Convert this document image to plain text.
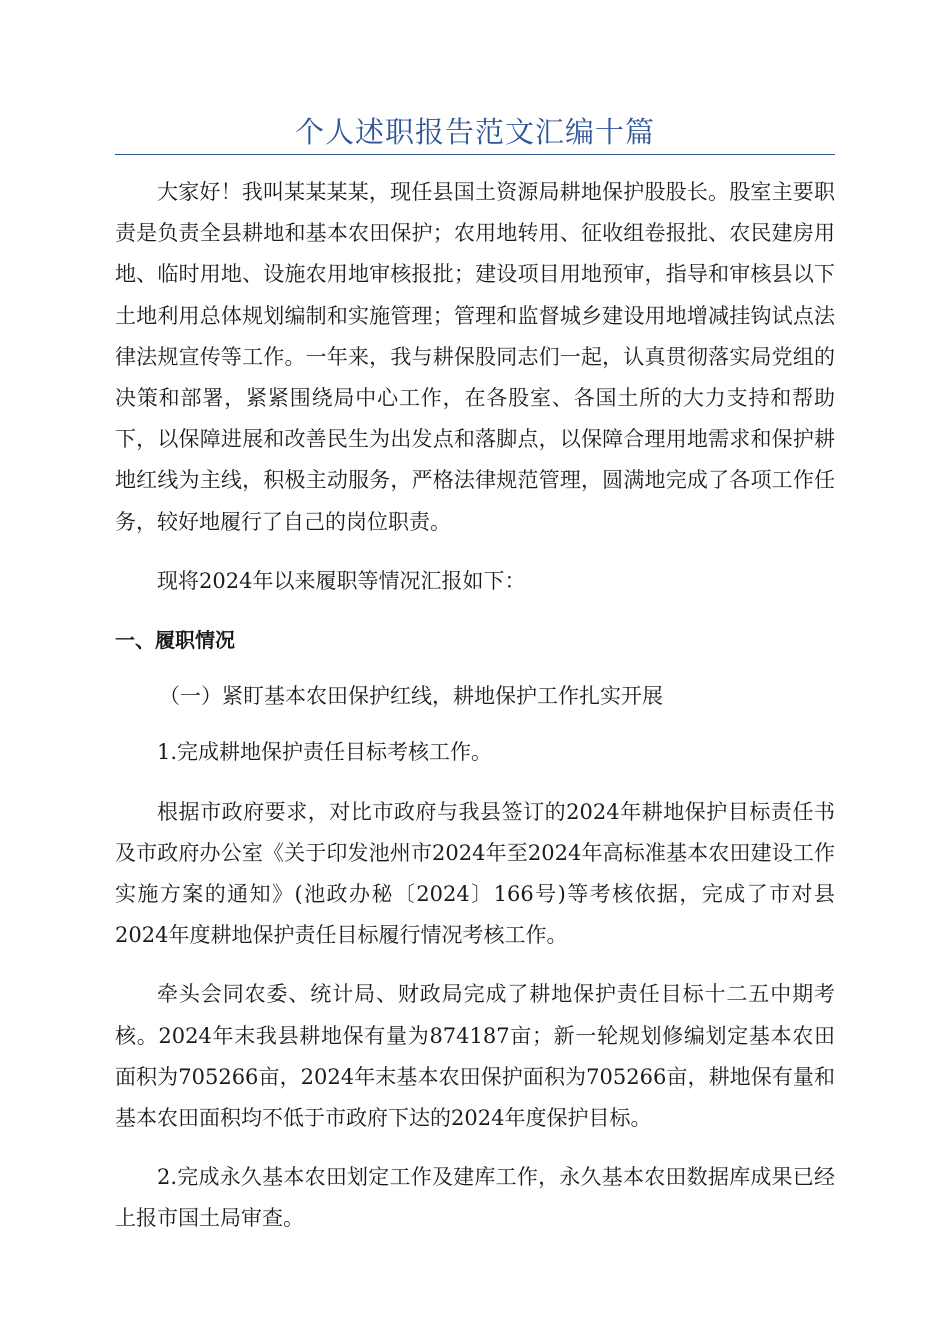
个人述职报告范文汇编十篇

大家好！我叫某某某某，现任县国土资源局耕地保护股股长。股室主要职责是负责全县耕地和基本农田保护；农用地转用、征收组卷报批、农民建房用地、临时用地、设施农用地审核报批；建设项目用地预审，指导和审核县以下土地利用总体规划编制和实施管理；管理和监督城乡建设用地增减挂钩试点法律法规宣传等工作。一年来，我与耕保股同志们一起，认真贯彻落实局党组的决策和部署，紧紧围绕局中心工作，在各股室、各国土所的大力支持和帮助下，以保障进展和改善民生为出发点和落脚点，以保障合理用地需求和保护耕地红线为主线，积极主动服务，严格法律规范管理，圆满地完成了各项工作任务，较好地履行了自己的岗位职责。

现将2024年以来履职等情况汇报如下：

一、履职情况

（一）紧盯基本农田保护红线，耕地保护工作扎实开展

1.完成耕地保护责任目标考核工作。

根据市政府要求，对比市政府与我县签订的2024年耕地保护目标责任书及市政府办公室《关于印发池州市2024年至2024年高标准基本农田建设工作实施方案的通知》(池政办秘〔2024〕166号)等考核依据，完成了市对县2024年度耕地保护责任目标履行情况考核工作。

牵头会同农委、统计局、财政局完成了耕地保护责任目标十二五中期考核。2024年末我县耕地保有量为874187亩；新一轮规划修编划定基本农田面积为705266亩，2024年末基本农田保护面积为705266亩，耕地保有量和基本农田面积均不低于市政府下达的2024年度保护目标。

2.完成永久基本农田划定工作及建库工作，永久基本农田数据库成果已经上报市国土局审查。
